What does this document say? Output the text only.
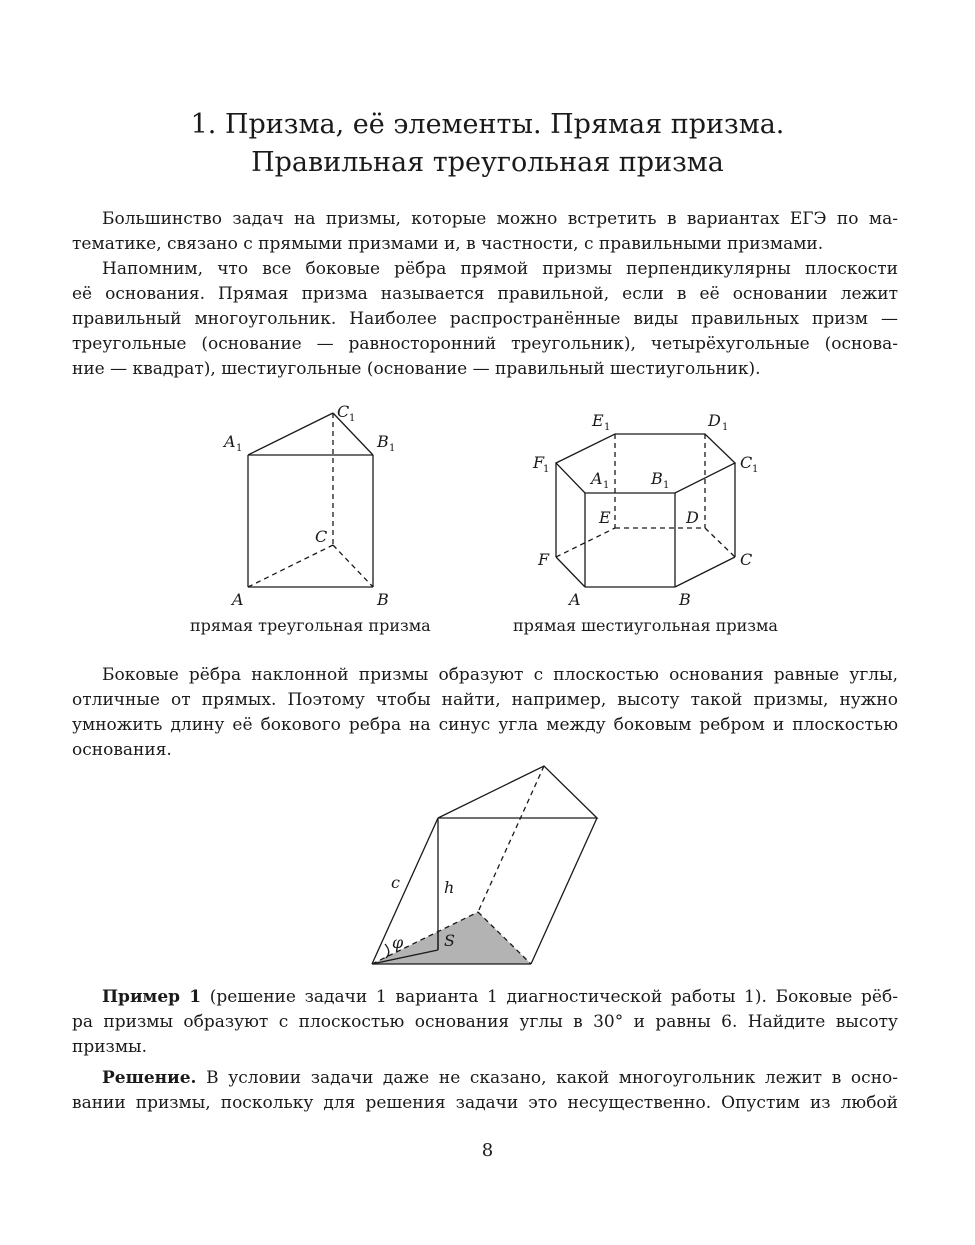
1. Призма, её элементы. Прямая призма.
Правильная треугольная призма
Большинство задач на призмы, которые можно встретить в вариантах ЕГЭ по ма-
тематике, связано с прямыми призмами и, в частности, с правильными призмами.
Напомним, что все боковые рёбра прямой призмы перпендикулярны плоскости
её основания. Прямая призма называется правильной, если в её основании лежит
правильный многоугольник. Наиболее распространённые виды правильных призм —
треугольные (основание — равносторонний треугольник), четырёхугольные (основа-
ние — квадрат), шестиугольные (основание — правильный шестиугольник).
A 1
C 1
B 1
C
A	B
прямая треугольная призма
E 1	D 1
F
1	C 1
A 1	B 1
E	D
F	C
A	B
прямая шестиугольная призма
Боковые рёбра наклонной призмы образуют с плоскостью основания равные углы,
отличные от прямых. Поэтому чтобы найти, например, высоту такой призмы, нужно
умножить длину её бокового ребра на синус угла между боковым ребром и плоскостью
основания.
c	h
φ	S
Пример 1 (решение задачи 1 варианта 1 диагностической работы 1). Боковые рёб-
ра призмы образуют с плоскостью основания углы в 30° и равны 6. Найдите высоту
призмы.
Решение. В условии задачи даже не сказано, какой многоугольник лежит в осно-
вании призмы, поскольку для решения задачи это несущественно. Опустим из любой
8
